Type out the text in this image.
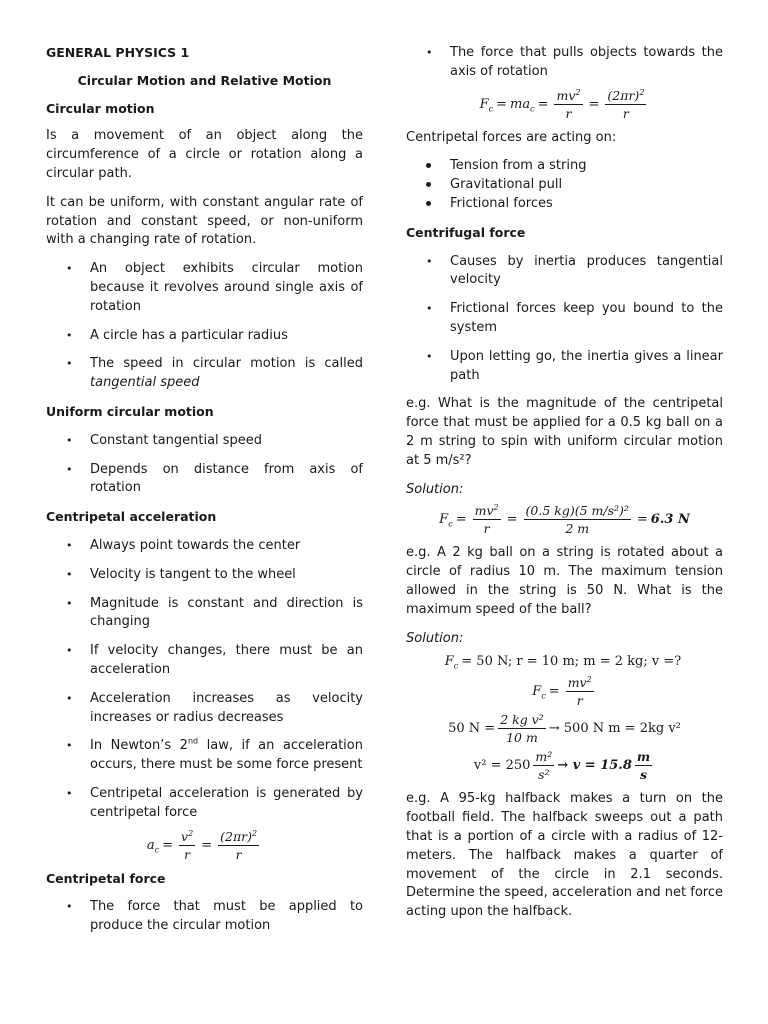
GENERAL PHYSICS 1

Circular Motion and Relative Motion

Circular motion

Is a movement of an object along the circumference of a circle or rotation along a circular path.

It can be uniform, with constant angular rate of rotation and constant speed, or non-uniform with a changing rate of rotation.

• An object exhibits circular motion because it revolves around single axis of rotation
• A circle has a particular radius
• The speed in circular motion is called tangential speed

Uniform circular motion

• Constant tangential speed
• Depends on distance from axis of rotation

Centripetal acceleration

• Always point towards the center
• Velocity is tangent to the wheel
• Magnitude is constant and direction is changing
• If velocity changes, there must be an acceleration
• Acceleration increases as velocity increases or radius decreases
• In Newton’s 2nd law, if an acceleration occurs, there must be some force present
• Centripetal acceleration is generated by centripetal force
$a_c = \frac{v^2}{r} = \frac{(2\pi r)^2}{r}$

Centripetal force

• The force that must be applied to produce the circular motion
• The force that pulls objects towards the axis of rotation
$F_c = ma_c = \frac{mv^2}{r} = \frac{(2\pi r)^2}{r}$

Centripetal forces are acting on:

Tension from a string
Gravitational pull
Frictional forces

Centrifugal force

• Causes by inertia produces tangential velocity
• Frictional forces keep you bound to the system
• Upon letting go, the inertia gives a linear path

e.g. What is the magnitude of the centripetal force that must be applied for a 0.5 kg ball on a 2 m string to spin with uniform circular motion at 5 m/s²?

Solution:

$F_c = \frac{mv^2}{r} = \frac{\text{(0.5 kg)(5 m/s²)²}}{2 m} = 6.3$ N

e.g. A 2 kg ball on a string is rotated about a circle of radius 10 m. The maximum tension allowed in the string is 50 N. What is the maximum speed of the ball?

Solution:

$F_c = 50$ N; r = 10 m; m = 2 kg; v =?
$F_c = \frac{mv^2}{r}$
50 $N = \frac{\text{2 kg v²}}{10 m} \to 500$ N m = 2kg v²
$v^2 = 250 \frac{\text{m²}}{\text{s²}} \to v = 15.8 \frac{m}{s}$

e.g. A 95-kg halfback makes a turn on the football field. The halfback sweeps out a path that is a portion of a circle with a radius of 12-meters. The halfback makes a quarter of movement of the circle in 2.1 seconds. Determine the speed, acceleration and net force acting upon the halfback.
